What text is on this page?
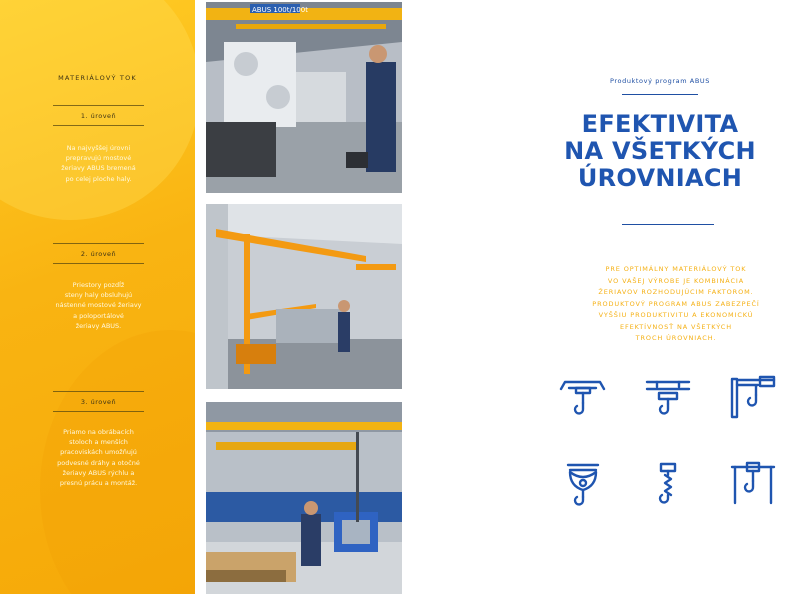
MATERIÁLOVÝ TOK
1. úroveň
Na najvyššej úrovni
prepravujú mostové
žeriavy ABUS bremená
po celej ploche haly.
2. úroveň
Priestory pozdĺž
steny haly obsluhujú
nástenné mostové žeriavy
a poloportálové
žeriavy ABUS.
3. úroveň
Priamo na obrábacích
stoloch a menších
pracoviskách umožňujú
podvesné dráhy a otočné
žeriavy ABUS rýchlu a
presnú prácu a montáž.
ABUS 100t/100t
Produktový program ABUS
EFEKTIVITA
NA VŠETKÝCH
ÚROVNIACH
PRE OPTIMÁLNY MATERIÁLOVÝ TOK
VO VAŠEJ VÝROBE JE KOMBINÁCIA
ŽERIAVOV ROZHODUJÚCIM FAKTOROM.
PRODUKTOVÝ PROGRAM ABUS ZABEZPEČÍ
VYŠŠIU PRODUKTIVITU A EKONOMICKÚ
EFEKTÍVNOSŤ NA VŠETKÝCH
TROCH ÚROVNIACH.
